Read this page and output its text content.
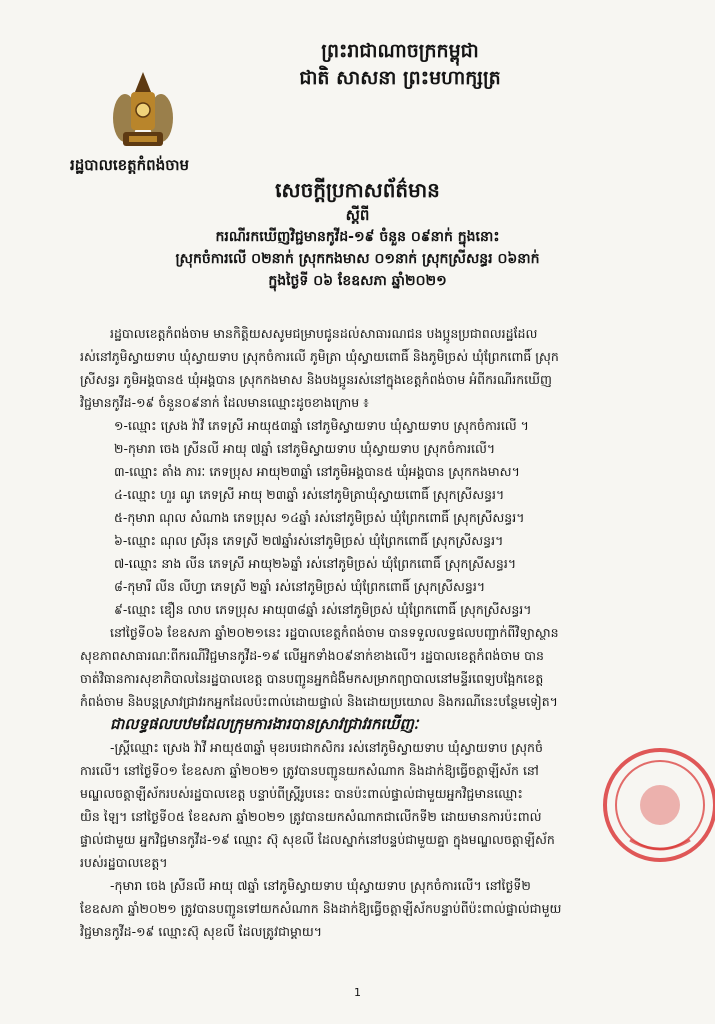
ព្រះរាជាណាចក្រកម្ពុជា
ជាតិ សាសនា ព្រះមហាក្សត្រ
រដ្ឋបាលខេត្តកំពង់ចាម
សេចក្តីប្រកាសព័ត៌មាន
ស្តីពី
ករណីរកឃើញវិជ្ជមានកូវីដ-១៩ ចំនួន ០៩នាក់ ក្នុងនោះ
ស្រុកចំការលើ ០២នាក់ ស្រុកកងមាស ០១នាក់ ស្រុកស្រីសន្ធរ ០៦នាក់
ក្នុងថ្ងៃទី ០៦ ខែឧសភា ឆ្នាំ២០២១
រដ្ឋបាលខេត្តកំពង់ចាម មានកិត្តិយសសូមជម្រាបជូនដល់សាធារណជន បងប្អូនប្រជាពលរដ្ឋដែល
រស់នៅភូមិស្វាយទាប ឃុំស្វាយទាប ស្រុកចំការលើ ភូមិត្រា ឃុំស្វាយពោធិ៍ និងភូមិច្រស់ ឃុំព្រែកពោធិ៍ ស្រុក
ស្រីសន្ធរ ភូមិអង្គបាន៥ ឃុំអង្គបាន ស្រុកកងមាស និងបងប្អូនរស់នៅក្នុងខេត្តកំពង់ចាម អំពីករណីរកឃើញ
វិជ្ជមានកូវីដ-១៩ ចំនួន០៩នាក់ ដែលមានឈ្មោះដូចខាងក្រោម ៖
១-ឈ្មោះ ស្រេង វ៉ាវី ភេទស្រី អាយុ៥៣ឆ្នាំ នៅភូមិស្វាយទាប ឃុំស្វាយទាប ស្រុកចំការលើ ។
២-កុមារា ចេង ស្រីនលី អាយុ ៧ឆ្នាំ នៅភូមិស្វាយទាប ឃុំស្វាយទាប ស្រុកចំការលើ។
៣-ឈ្មោះ តាំង ភារៈ ភេទប្រុស អាយុ២៣ឆ្នាំ នៅភូមិអង្គបាន៥ ឃុំអង្គបាន ស្រុកកងមាស។
៤-ឈ្មោះ ហួរ ណូ ភេទស្រី អាយុ ២៣ឆ្នាំ រស់នៅភូមិត្រាឃុំស្វាយពោធិ៍ ស្រុកស្រីសន្ធរ។
៥-កុមារា ណុល សំណាង ភេទប្រុស ១៤ឆ្នាំ រស់នៅភូមិច្រស់ ឃុំព្រែកពោធិ៍ ស្រុកស្រីសន្ធរ។
៦-ឈ្មោះ ណុល ស្រីរុន ភេទស្រី ២៧ឆ្នាំរស់នៅភូមិច្រស់ ឃុំព្រែកពោធិ៍ ស្រុកស្រីសន្ធរ។
៧-ឈ្មោះ នាង លីន ភេទស្រី អាយុ២៦ឆ្នាំ រស់នៅភូមិច្រស់ ឃុំព្រែកពោធិ៍ ស្រុកស្រីសន្ធរ។
៨-កុមារី លីន លីហ្វា ភេទស្រី ២ឆ្នាំ រស់នៅភូមិច្រស់ ឃុំព្រែកពោធិ៍ ស្រុកស្រីសន្ធរ។
៩-ឈ្មោះ ឌឿន លាប ភេទប្រុស អាយុ៣៨ឆ្នាំ រស់នៅភូមិច្រស់ ឃុំព្រែកពោធិ៍ ស្រុកស្រីសន្ធរ។
នៅថ្ងៃទី០៦ ខែឧសភា ឆ្នាំ២០២១នេះ រដ្ឋបាលខេត្តកំពង់ចាម បានទទួលលទ្ធផលបញ្ជាក់ពីវិទ្យាស្ថាន
សុខភាពសាធារណៈពីករណីវិជ្ជមានកូវីដ-១៩ លើអ្នកទាំង០៩នាក់ខាងលើ។ រដ្ឋបាលខេត្តកំពង់ចាម បាន
ចាត់វិធានការសុខាភិបាលនៃរដ្ឋបាលខេត្ត បានបញ្ជូនអ្នកជំងឺមកសម្រាកព្យាបាលនៅមន្ទីរពេទ្យបង្អែកខេត្ត
កំពង់ចាម និងបន្តស្រាវជ្រាវរកអ្នកដែលប៉ះពាល់ដោយផ្ទាល់ និងដោយប្រយោល និងករណីនេះបន្ថែមទៀត។
ជាលទ្ធផលបឋមដែលក្រុមការងារបានស្រាវជ្រាវរកឃើញៈ
-ស្ត្រីឈ្មោះ ស្រេង វ៉ាវី អាយុ៥៣ឆ្នាំ មុខរបរជាកសិករ រស់នៅភូមិស្វាយទាប ឃុំស្វាយទាប ស្រុកចំ
ការលើ។ នៅថ្ងៃទី០១ ខែឧសភា ឆ្នាំ២០២១ ត្រូវបានបញ្ជូនយកសំណាក និងដាក់ឱ្យធ្វើចត្តាឡីស័ក នៅ
មណ្ឌលចត្តាឡីស័ករបស់រដ្ឋបាលខេត្ត បន្ទាប់ពីស្ត្រីរូបនេះ បានប៉ះពាល់ផ្ទាល់ជាមួយអ្នកវិជ្ជមានឈ្មោះ
យិន ឡៃ។ នៅថ្ងៃទី០៥ ខែឧសភា ឆ្នាំ២០២១ ត្រូវបានយកសំណាកជាលើកទី២ ដោយមានការប៉ះពាល់
ផ្ទាល់ជាមួយ អ្នកវិជ្ជមានកូវីដ-១៩ ឈ្មោះ ស៊ុ សុខលី ដែលស្នាក់នៅបន្ទប់ជាមួយគ្នា ក្នុងមណ្ឌលចត្តាឡីស័ក
របស់រដ្ឋបាលខេត្ត។
-កុមារា ចេង ស្រីនលី អាយុ ៧ឆ្នាំ នៅភូមិស្វាយទាប ឃុំស្វាយទាប ស្រុកចំការលើ។ នៅថ្ងៃទី២
ខែឧសភា ឆ្នាំ២០២១ ត្រូវបានបញ្ជូនទៅយកសំណាក និងដាក់ឱ្យធ្វើចត្តាឡីស័កបន្ទាប់ពីប៉ះពាល់ផ្ទាល់ជាមួយ
វិជ្ជមានកូវីដ-១៩ ឈ្មោះស៊ុ សុខលី ដែលត្រូវជាម្តាយ។
1
